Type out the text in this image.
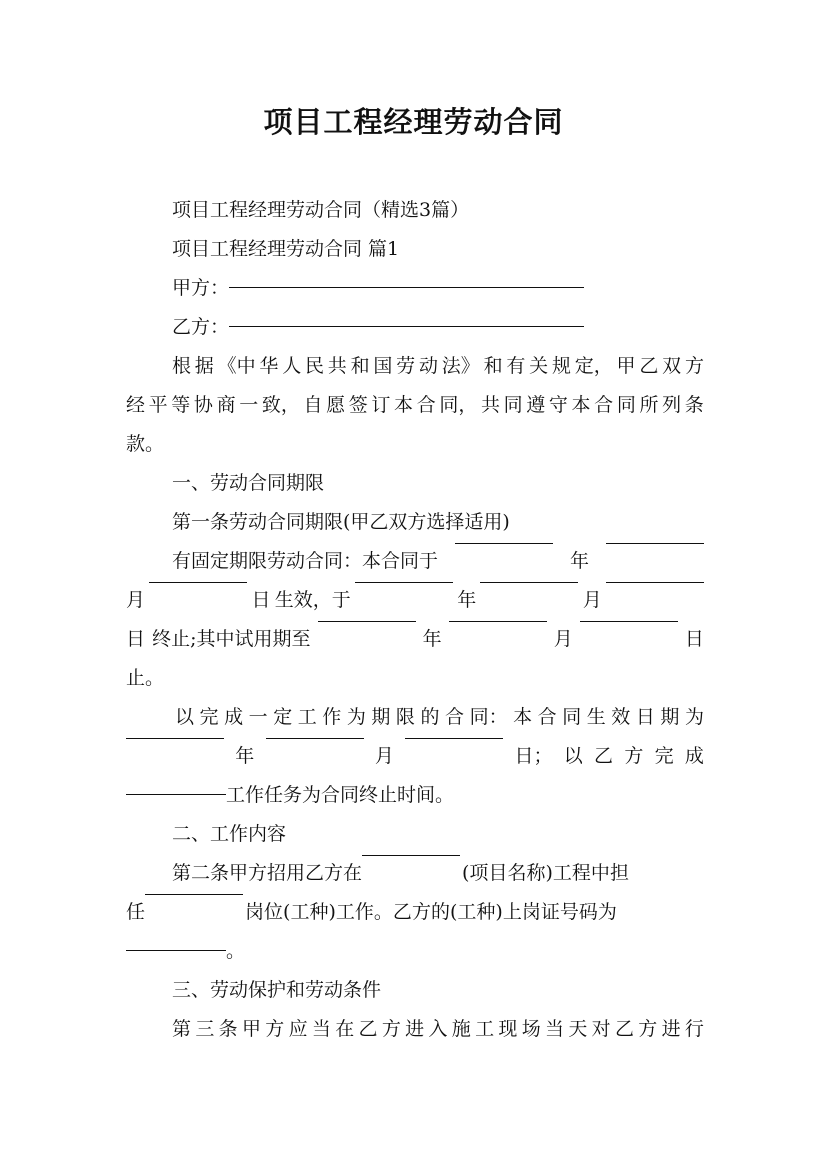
项目工程经理劳动合同
项目工程经理劳动合同（精选3篇）
项目工程经理劳动合同 篇1
甲方：
乙方：
根 据 《中 华 人 民 共 和 国 劳 动 法》 和 有 关 规 定， 甲 乙 双 方
经 平 等 协 商 一 致， 自 愿 签 订 本 合 同， 共 同 遵 守 本 合 同 所 列 条
款。
一、劳动合同期限
第一条劳动合同期限(甲乙双方选择适用)
有固定期限劳动合同：本合同于	年
月	日 生效，于	年	月
日 终止;其中试用期至	年	月	日
止。
以 完 成 一 定 工 作 为 期 限 的 合 同： 本 合 同 生 效 日 期 为
年	月	日； 以 乙 方 完 成
工作任务为合同终止时间。
二、工作内容
第二条甲方招用乙方在	(项目名称)工程中担
任	岗位(工种)工作。乙方的(工种)上岗证号码为
。
三、劳动保护和劳动条件
第 三 条 甲 方 应 当 在 乙 方 进 入 施 工 现 场 当 天 对 乙 方 进 行
